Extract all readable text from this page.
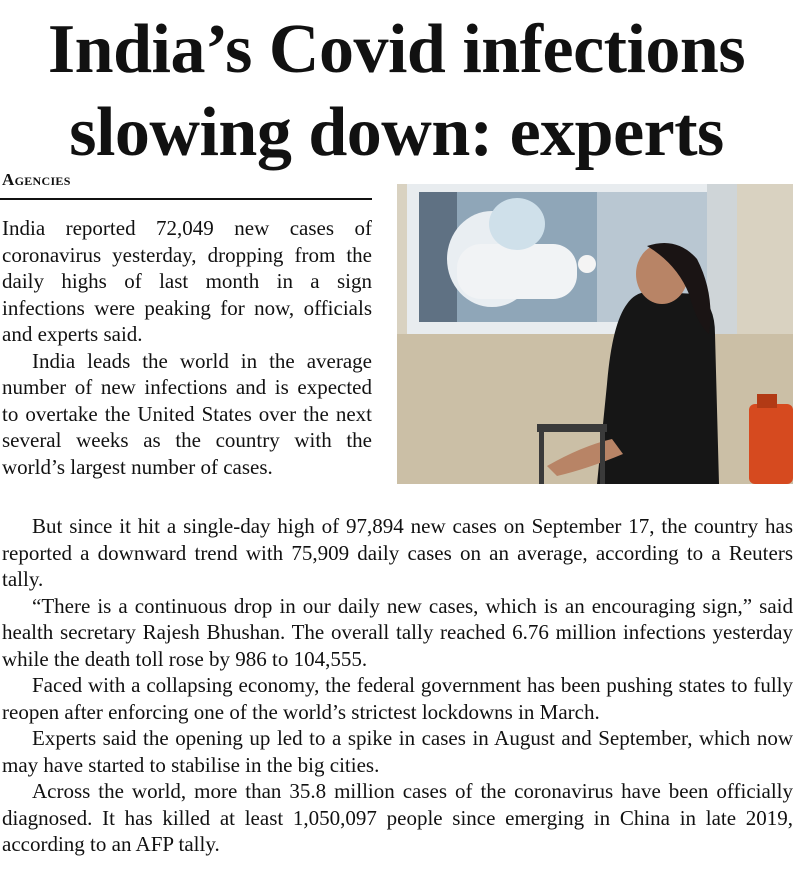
India’s Covid infections
slowing down: experts
Agencies

India reported 72,049 new cases of coronavirus yesterday, dropping from the daily highs of last month in a sign infections were peaking for now, officials and experts said.

India leads the world in the average number of new infections and is expected to overtake the United States over the next several weeks as the country with the world’s largest number of cases.

But since it hit a single-day high of 97,894 new cases on September 17, the country has reported a downward trend with 75,909 daily cases on an average, according to a Reuters tally.

“There is a continuous drop in our daily new cases, which is an encouraging sign,” said health secretary Rajesh Bhushan. The overall tally reached 6.76 million infections yesterday while the death toll rose by 986 to 104,555.

Faced with a collapsing economy, the federal government has been pushing states to fully reopen after enforcing one of the world’s strictest lockdowns in March.

Experts said the opening up led to a spike in cases in August and September, which now may have started to stabilise in the big cities.

Across the world, more than 35.8 million cases of the coronavirus have been officially diagnosed. It has killed at least 1,050,097 people since emerging in China in late 2019, according to an AFP tally.
